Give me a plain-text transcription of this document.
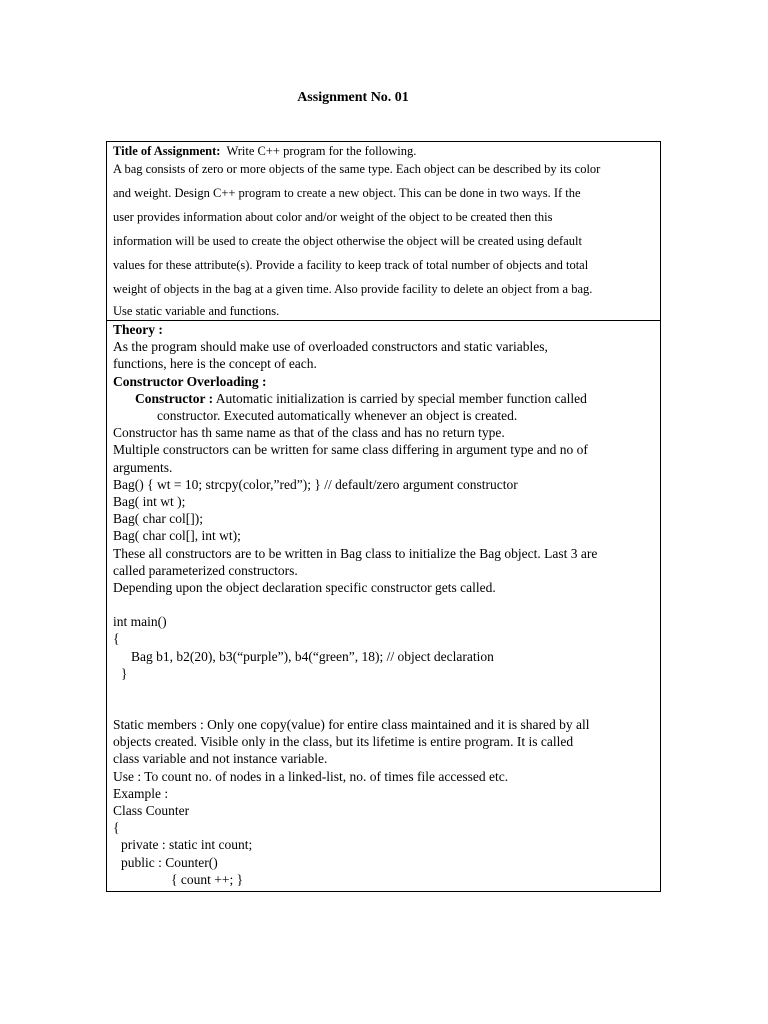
Assignment No. 01
Title of Assignment: Write C++ program for the following.

A bag consists of zero or more objects of the same type. Each object can be described by its color

and weight. Design C++ program to create a new object. This can be done in two ways. If the

user provides information about color and/or weight of the object to be created then this

information will be used to create the object otherwise the object will be created using default

values for these attribute(s). Provide a facility to keep track of total number of objects and total

weight of objects in the bag at a given time. Also provide facility to delete an object from a bag.

Use static variable and functions.

Theory :

As the program should make use of overloaded constructors and static variables,

functions, here is the concept of each.

Constructor Overloading :

Constructor : Automatic initialization is carried by special member function called

constructor. Executed automatically whenever an object is created.

Constructor has th same name as that of the class and has no return type.

Multiple constructors can be written for same class differing in argument type and no of

arguments.

Bag() { wt = 10; strcpy(color,”red”); } // default/zero argument constructor

Bag( int wt );

Bag( char col[]);

Bag( char col[], int wt);

These all constructors are to be written in Bag class to initialize the Bag object. Last 3 are

called parameterized constructors.

Depending upon the object declaration specific constructor gets called.

int main()

{

Bag b1, b2(20), b3(“purple”), b4(“green”, 18); // object declaration

}

Static members : Only one copy(value) for entire class maintained and it is shared by all

objects created. Visible only in the class, but its lifetime is entire program. It is called

class variable and not instance variable.

Use : To count no. of nodes in a linked-list, no. of times file accessed etc.

Example :

Class Counter

{

private : static int count;

public : Counter()

{ count ++; }
